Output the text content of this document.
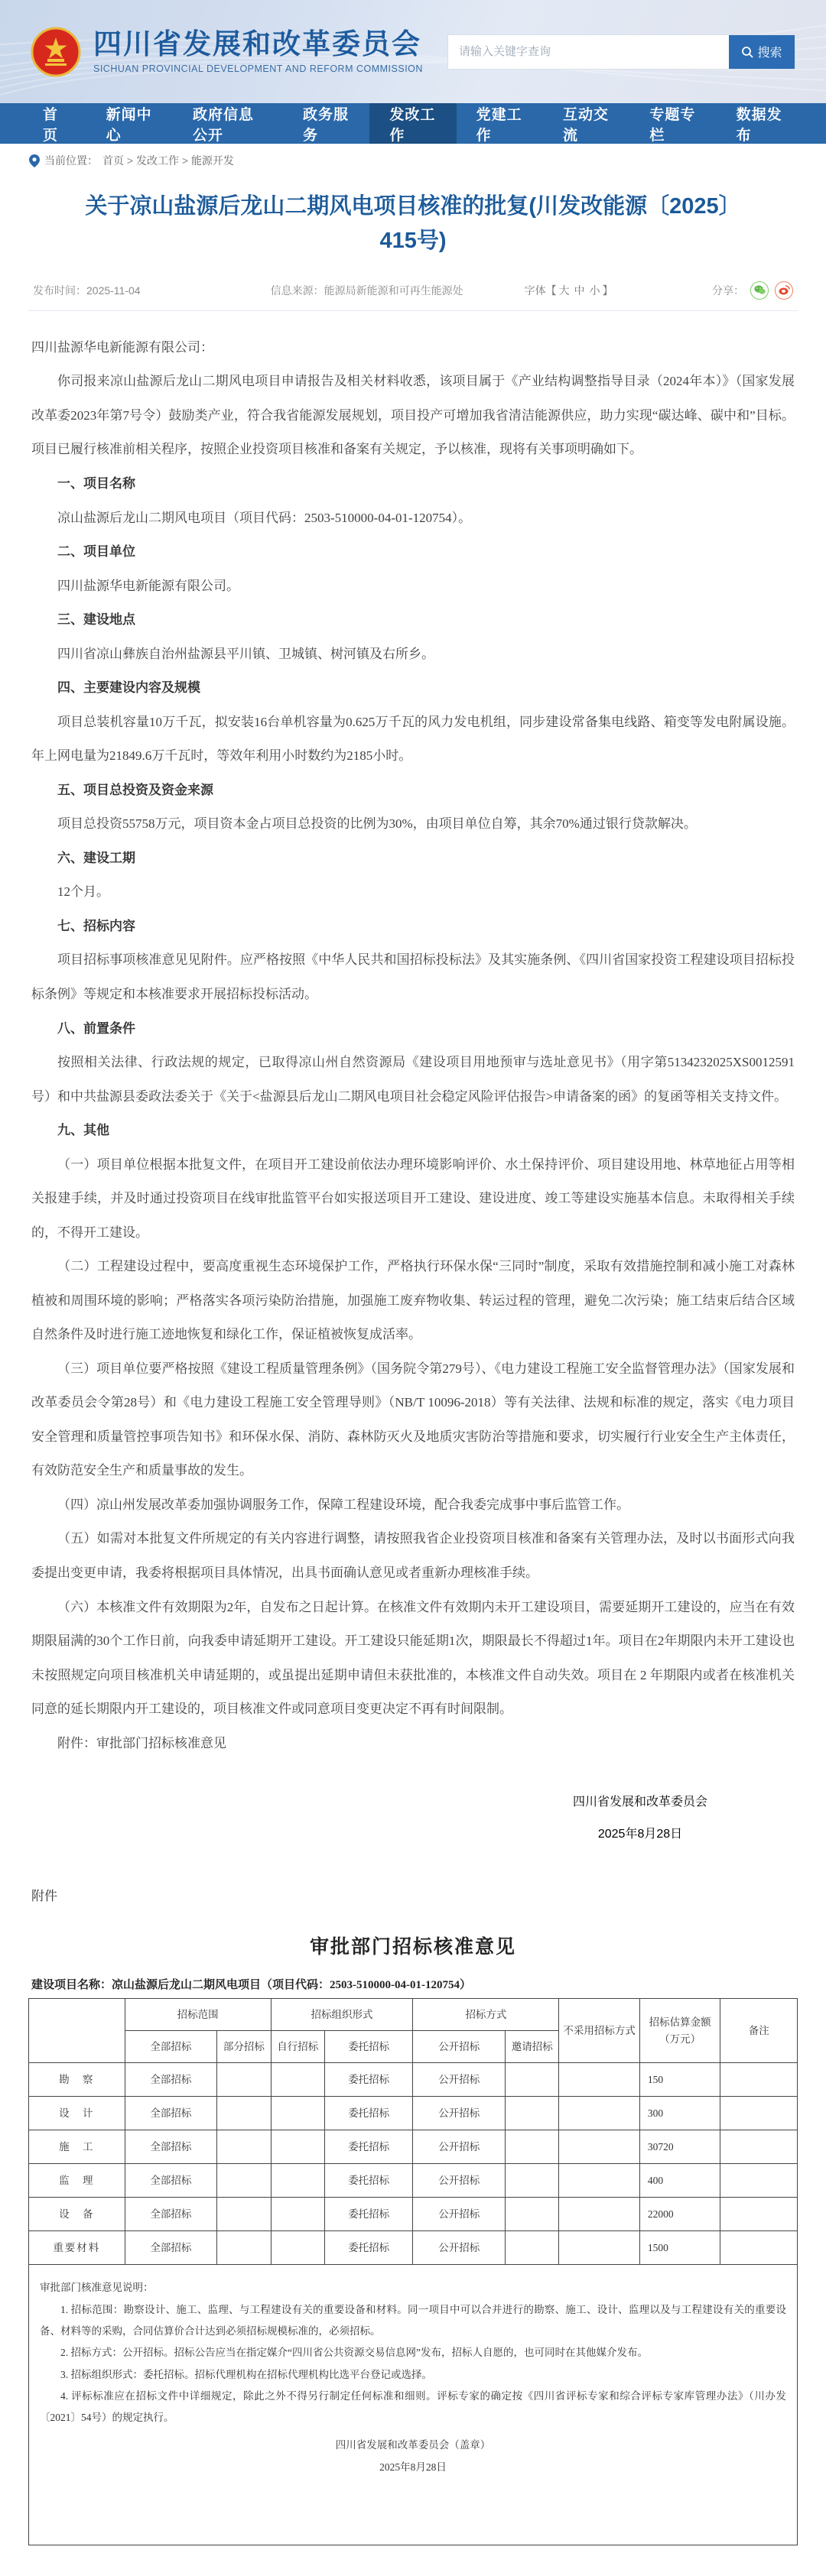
四川省发展和改革委员会
SICHUAN PROVINCIAL DEVELOPMENT AND REFORM COMMISSION
请输入关键字查询
搜索
首页
新闻中心
政府信息公开
政务服务
发改工作
党建工作
互动交流
专题专栏
数据发布
当前位置： 首页 > 发改工作 > 能源开发
关于凉山盐源后龙山二期风电项目核准的批复(川发改能源〔2025〕415号)
发布时间：2025-11-04	信息来源：能源局新能源和可再生能源处	字体【 大 中 小 】	分享：

四川盐源华电新能源有限公司：

你司报来凉山盐源后龙山二期风电项目申请报告及相关材料收悉，该项目属于《产业结构调整指导目录（2024年本）》（国家发展改革委2023年第7号令）鼓励类产业，符合我省能源发展规划，项目投产可增加我省清洁能源供应，助力实现“碳达峰、碳中和”目标。项目已履行核准前相关程序，按照企业投资项目核准和备案有关规定，予以核准，现将有关事项明确如下。

一、项目名称

凉山盐源后龙山二期风电项目（项目代码：2503-510000-04-01-120754）。

二、项目单位

四川盐源华电新能源有限公司。

三、建设地点

四川省凉山彝族自治州盐源县平川镇、卫城镇、树河镇及右所乡。

四、主要建设内容及规模

项目总装机容量10万千瓦，拟安装16台单机容量为0.625万千瓦的风力发电机组，同步建设常备集电线路、箱变等发电附属设施。年上网电量为21849.6万千瓦时，等效年利用小时数约为2185小时。

五、项目总投资及资金来源

项目总投资55758万元，项目资本金占项目总投资的比例为30%，由项目单位自筹，其余70%通过银行贷款解决。

六、建设工期

12个月。

七、招标内容

项目招标事项核准意见见附件。应严格按照《中华人民共和国招标投标法》及其实施条例、《四川省国家投资工程建设项目招标投标条例》等规定和本核准要求开展招标投标活动。

八、前置条件

按照相关法律、行政法规的规定，已取得凉山州自然资源局《建设项目用地预审与选址意见书》（用字第5134232025XS0012591号）和中共盐源县委政法委关于《关于<盐源县后龙山二期风电项目社会稳定风险评估报告>申请备案的函》的复函等相关支持文件。

九、其他

（一）项目单位根据本批复文件，在项目开工建设前依法办理环境影响评价、水土保持评价、项目建设用地、林草地征占用等相关报建手续，并及时通过投资项目在线审批监管平台如实报送项目开工建设、建设进度、竣工等建设实施基本信息。未取得相关手续的，不得开工建设。

（二）工程建设过程中，要高度重视生态环境保护工作，严格执行环保水保“三同时”制度，采取有效措施控制和减小施工对森林植被和周围环境的影响；严格落实各项污染防治措施，加强施工废弃物收集、转运过程的管理，避免二次污染；施工结束后结合区域自然条件及时进行施工迹地恢复和绿化工作，保证植被恢复成活率。

（三）项目单位要严格按照《建设工程质量管理条例》（国务院令第279号）、《电力建设工程施工安全监督管理办法》（国家发展和改革委员会令第28号）和《电力建设工程施工安全管理导则》（NB/T 10096-2018）等有关法律、法规和标准的规定，落实《电力项目安全管理和质量管控事项告知书》和环保水保、消防、森林防灭火及地质灾害防治等措施和要求，切实履行行业安全生产主体责任，有效防范安全生产和质量事故的发生。

（四）凉山州发展改革委加强协调服务工作，保障工程建设环境，配合我委完成事中事后监管工作。

（五）如需对本批复文件所规定的有关内容进行调整，请按照我省企业投资项目核准和备案有关管理办法，及时以书面形式向我委提出变更申请，我委将根据项目具体情况，出具书面确认意见或者重新办理核准手续。

（六）本核准文件有效期限为2年，自发布之日起计算。在核准文件有效期内未开工建设项目，需要延期开工建设的，应当在有效期限届满的30个工作日前，向我委申请延期开工建设。开工建设只能延期1次，期限最长不得超过1年。项目在2年期限内未开工建设也未按照规定向项目核准机关申请延期的，或虽提出延期申请但未获批准的，本核准文件自动失效。项目在 2 年期限内或者在核准机关同意的延长期限内开工建设的，项目核准文件或同意项目变更决定不再有时间限制。

附件：审批部门招标核准意见

四川省发展和改革委员会
2025年8月28日
附件
审批部门招标核准意见
建设项目名称：凉山盐源后龙山二期风电项目（项目代码：2503-510000-04-01-120754）
	招标范围		招标组织形式		招标方式		不采用招标方式	招标估算金额（万元）	备注
	全部招标	部分招标	自行招标	委托招标	公开招标	邀请招标			
勘　察	全部招标			委托招标	公开招标			150	
设　计	全部招标			委托招标	公开招标			300	
施　工	全部招标			委托招标	公开招标			30720	
监　理	全部招标			委托招标	公开招标			400	
设　备	全部招标			委托招标	公开招标			22000	
重要材料	全部招标			委托招标	公开招标			1500	

审批部门核准意见说明：

1. 招标范围：勘察设计、施工、监理、与工程建设有关的重要设备和材料。同一项目中可以合并进行的勘察、施工、设计、监理以及与工程建设有关的重要设备、材料等的采购，合同估算价合计达到必须招标规模标准的，必须招标。

2. 招标方式：公开招标。招标公告应当在指定媒介“四川省公共资源交易信息网”发布，招标人自愿的，也可同时在其他媒介发布。

3. 招标组织形式：委托招标。招标代理机构在招标代理机构比选平台登记或选择。

4. 评标标准应在招标文件中详细规定，除此之外不得另行制定任何标准和细则。评标专家的确定按《四川省评标专家和综合评标专家库管理办法》（川办发〔2021〕54号）的规定执行。

四川省发展和改革委员会（盖章）
2025年8月28日
